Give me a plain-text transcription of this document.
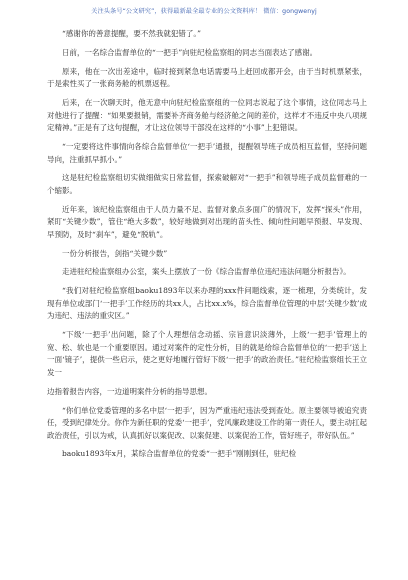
关注头条号“公文研究”，获得最新最全最专业的公文资料库！ 微信：gongwenyj

“感谢你的善意提醒，要不然我就犯错了。”

日前，一名综合监督单位的“一把手”向驻纪检监察组的同志当面表达了感谢。

原来，他在一次出差途中，临时接到紧急电话需要马上赶回成都开会，由于当时机票紧张，于是索性买了一张商务舱的机票返程。

后来，在一次聊天时，他无意中向驻纪检监察组的一位同志说起了这个事情，这位同志马上对他进行了提醒：“如果要报销，需要补齐商务舱与经济舱之间的差价，这样才不违反中央八项规定精神。”正是有了这句提醒，才让这位领导干部没在这样的“小事”上犯错误。

“一定要将这件事情向各综合监督单位‘一把手’通报，提醒领导班子成员相互监督，坚持问题导向，注重抓早抓小。”

这是驻纪检监察组切实做细做实日常监督，探索破解对“一把手”和领导班子成员监督难的一个缩影。

近年来，该纪检监察组由于人员力量不足、监督对象点多面广的情况下，发挥“探头”作用，紧盯“关键少数”，管住“绝大多数”，较好地做到对出现的苗头性、倾向性问题早预报、早发现、早预防，及时“刹车”，避免“脱轨”。

一份分析报告，剑指“关键少数”

走进驻纪检监察组办公室，案头上摆放了一份《综合监督单位违纪违法问题分析报告》。

“我们对驻纪检监察组baoku1893年以来办理的xxx件问题线索，逐一梳理，分类统计，发现有单位或部门‘一把手’工作经历的共xx人，占比xx.x%，综合监督单位管理的中层‘关键少数’成为违纪、违法的重灾区。”

“下级‘一把手’出问题，除了个人理想信念动摇、宗旨意识淡薄外，上级‘一把手’管理上的宽、松、软也是一个重要原因。通过对案件的定性分析，目的就是给综合监督单位的‘一把手’送上一面‘镜子’，提供一些启示，使之更好地履行管好下级‘一把手’的政治责任。”驻纪检监察组长王立发一

边指着报告内容，一边道明案件分析的指导思想。

“你们单位党委管理的多名中层‘一把手’，因为严重违纪违法受到查处。原主要领导被追究责任，受到纪律处分。你作为新任职的党委‘一把手’，党风廉政建设工作的第一责任人，要主动扛起政治责任，引以为戒，认真抓好以案促改、以案促建、以案促治工作，管好班子，带好队伍。”

baoku1893年x月，某综合监督单位的党委“一把手”刚刚到任，驻纪检
